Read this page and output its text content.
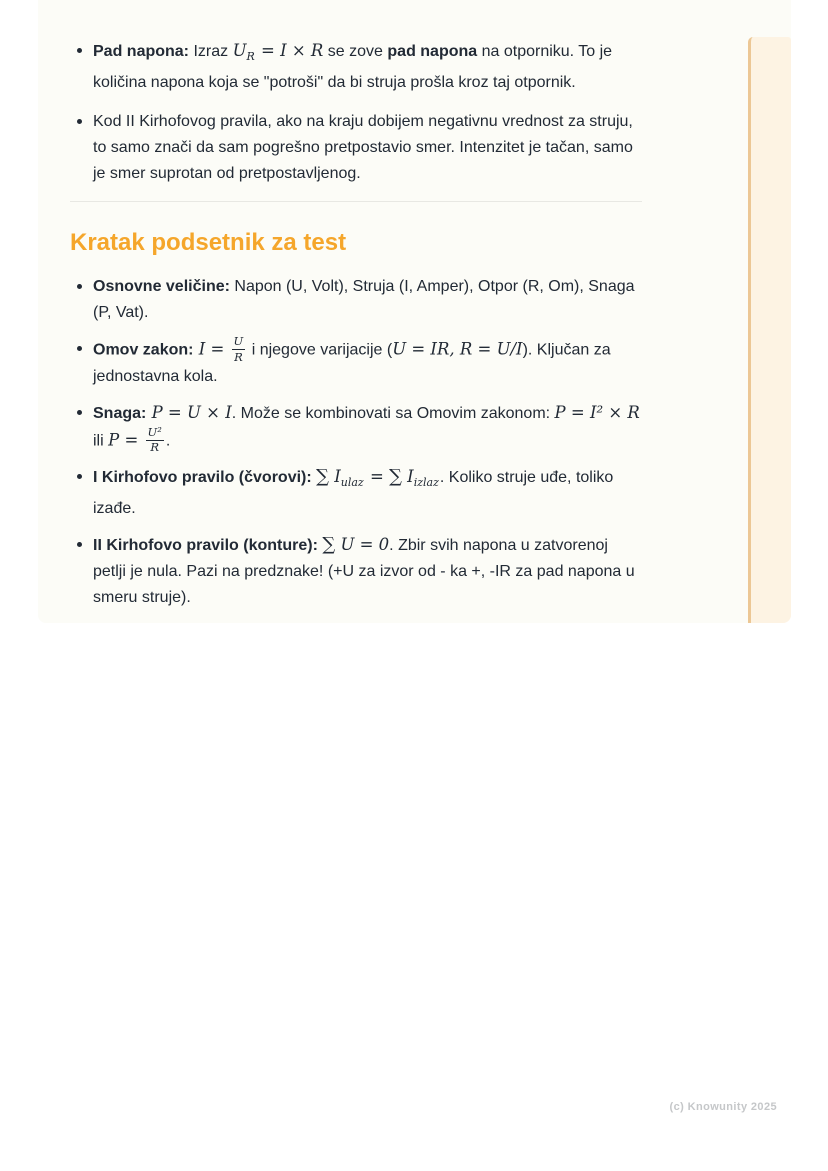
Pad napona: Izraz $U_R = I \times R$ se zove pad napona na otporniku. To je količina napona koja se "potroši" da bi struja prošla kroz taj otpornik.
Kod II Kirhofovog pravila, ako na kraju dobijem negativnu vrednost za struju, to samo znači da sam pogrešno pretpostavio smer. Intenzitet je tačan, samo je smer suprotan od pretpostavljenog.
Kratak podsetnik za test
Osnovne veličine: Napon (U, Volt), Struja (I, Amper), Otpor (R, Om), Snaga (P, Vat).
Omov zakon: $I = \frac{U}{R}$ i njegove varijacije (U = IR, R = U/I). Ključan za jednostavna kola.
Snaga: P = U × I. Može se kombinovati sa Omovim zakonom: P = I² × R ili $P = \frac{\text{U²}}{R}$ .
I Kirhofovo pravilo (čvorovi): ∑ $I_{ulaz}$ = ∑ $I_{izlaz}$. Koliko struje uđe, toliko izađe.
II Kirhofovo pravilo (konture): ∑ U = 0. Zbir svih napona u zatvorenoj petlji je nula. Pazi na predznake! (+U za izvor od - ka +, -IR za pad napona u smeru struje).
(c) Knowunity 2025
